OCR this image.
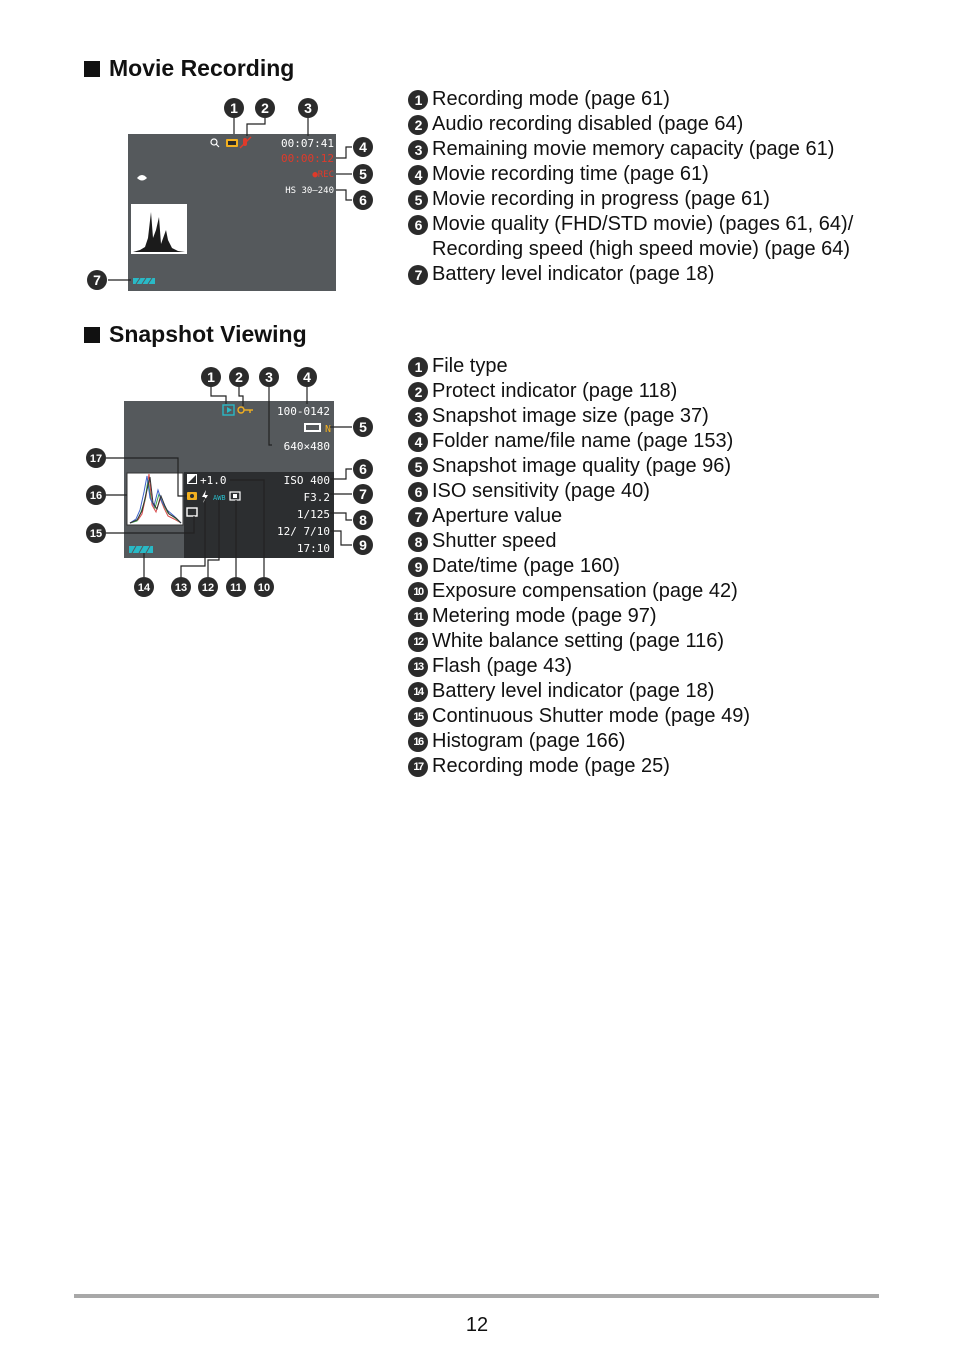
Movie Recording
00:07:41
00:00:12
●REC
HS 30–240
1 2	3
4
5
6
7
1 Recording mode (page 61)
2 Audio recording disabled (page 64)
3 Remaining movie memory capacity (page 61)
4 Movie recording time (page 61)
5 Movie recording in progress (page 61)
6 Movie quality (FHD/STD movie) (pages 61, 64)/
Recording speed (high speed movie) (page 64)
7 Battery level indicator (page 18)
Snapshot Viewing
100-0142
N
640×480
+1.0	ISO 400
F3.2
1/125
12/ 7/10
17:10
AWB
1 2 3 4
5
6
7
8
9
10
11
12
13
14
15
16
17
1 File type
2 Protect indicator (page 118)
3 Snapshot image size (page 37)
4 Folder name/file name (page 153)
5 Snapshot image quality (page 96)
6 ISO sensitivity (page 40)
7 Aperture value
8 Shutter speed
9 Date/time (page 160)
10 Exposure compensation (page 42)
11 Metering mode (page 97)
12 White balance setting (page 116)
13 Flash (page 43)
14 Battery level indicator (page 18)
15 Continuous Shutter mode (page 49)
16 Histogram (page 166)
17 Recording mode (page 25)
12
